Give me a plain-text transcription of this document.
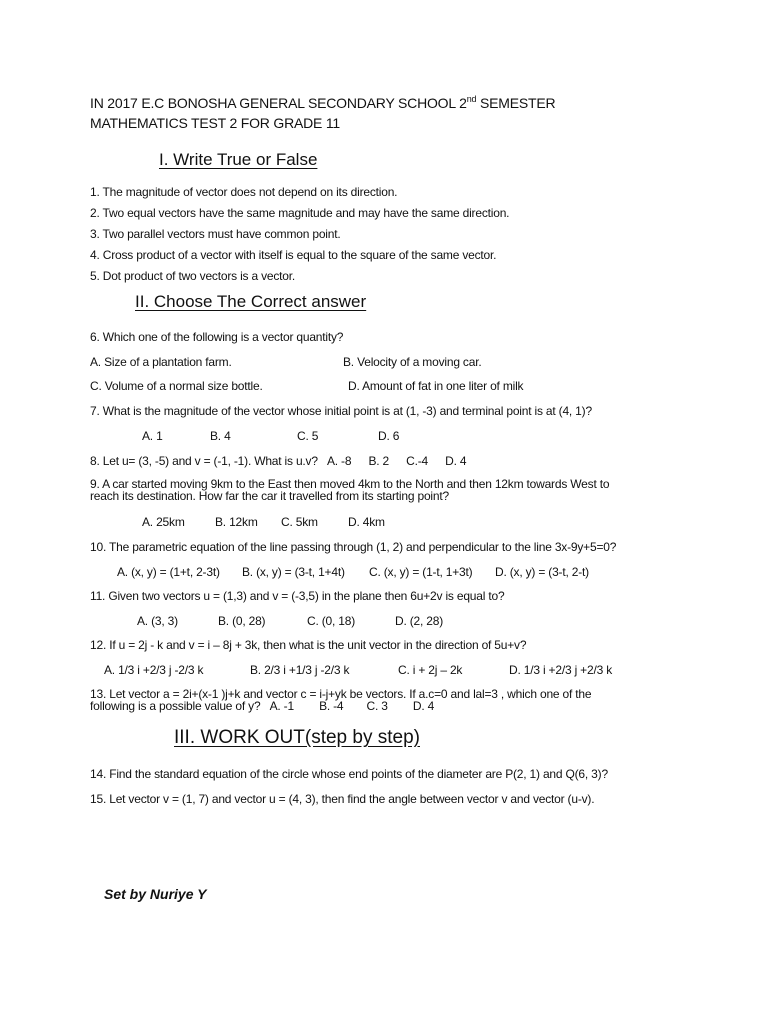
IN 2017 E.C BONOSHA GENERAL SECONDARY SCHOOL 2nd SEMESTER
MATHEMATICS TEST 2 FOR GRADE 11
I. Write True or False
1. The magnitude of vector does not depend on its direction.
2. Two equal vectors have the same magnitude and may have the same direction.
3. Two parallel vectors must have common point.
4. Cross product of a vector with itself is equal to the square of the same vector.
5. Dot product of two vectors is a vector.
II. Choose The Correct answer
6. Which one of the following is a vector quantity?
A. Size of a plantation farm.	B. Velocity of a moving car.
C. Volume of a normal size bottle.	D. Amount of fat in one liter of milk
7. What is the magnitude of the vector whose initial point is at (1, -3) and terminal point is at (4, 1)?
A. 1	B. 4	C. 5	D. 6
8. Let u= (3, -5) and v = (-1, -1). What is u.v? A. -8 B. 2 C.-4 D. 4
9. A car started moving 9km to the East then moved 4km to the North and then 12km towards West to
reach its destination. How far the car it travelled from its starting point?
A. 25km	B. 12km C. 5km	D. 4km
10. The parametric equation of the line passing through (1, 2) and perpendicular to the line 3x-9y+5=0?
A. (x, y) = (1+t, 2-3t) B. (x, y) = (3-t, 1+4t) C. (x, y) = (1-t, 1+3t) D. (x, y) = (3-t, 2-t)
11. Given two vectors u = (1,3) and v = (-3,5) in the plane then 6u+2v is equal to?
A. (3, 3)	B. (0, 28)	C. (0, 18)	D. (2, 28)
12. If u = 2j - k and v = i – 8j + 3k, then what is the unit vector in the direction of 5u+v?
A. 1/3 i +2/3 j -2/3 k	B. 2/3 i +1/3 j -2/3 k	C. i + 2j – 2k	D. 1/3 i +2/3 j +2/3 k
13. Let vector a = 2i+(x-1 )j+k and vector c = i-j+yk be vectors. If a.c=0 and lal=3 , which one of the
following is a possible value of y? A. -1 B. -4 C. 3 D. 4
III. WORK OUT(step by step)
14. Find the standard equation of the circle whose end points of the diameter are P(2, 1) and Q(6, 3)?
15. Let vector v = (1, 7) and vector u = (4, 3), then find the angle between vector v and vector (u-v).
Set by Nuriye Y
